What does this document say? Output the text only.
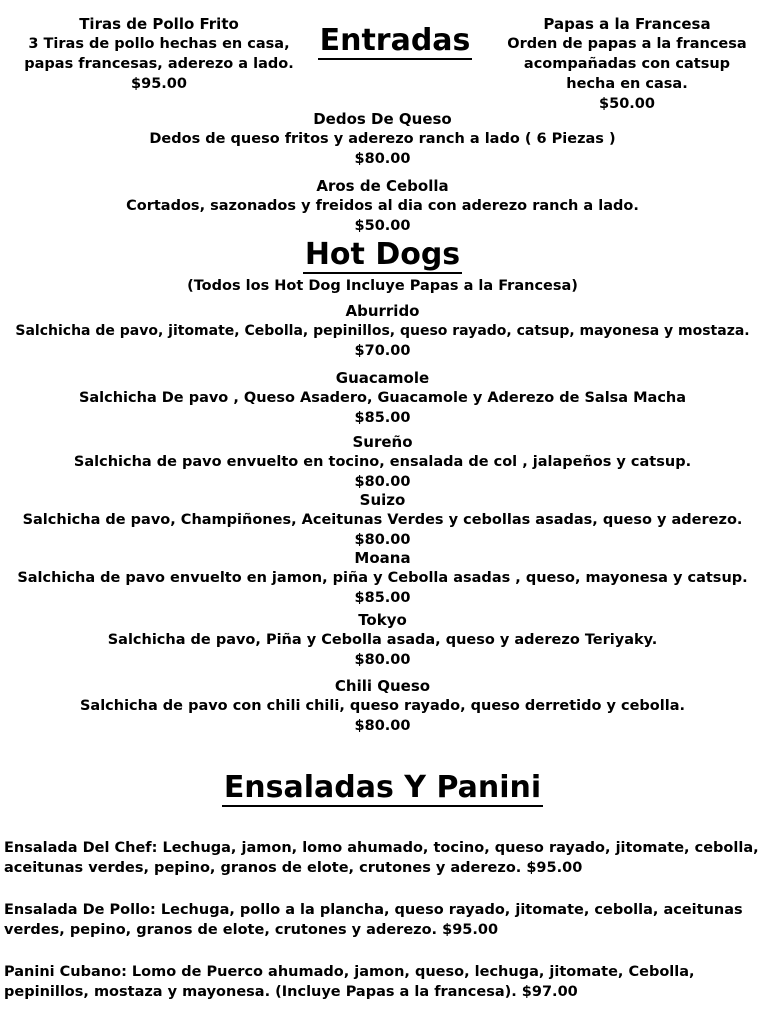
Tiras de Pollo Frito
3 Tiras de pollo hechas en casa,
papas francesas, aderezo a lado.
$95.00
Entradas	Papas a la Francesa
Orden de papas a la francesa
acompañadas con catsup
hecha en casa.
$50.00
Dedos De Queso
Dedos de queso fritos y aderezo ranch a lado ( 6 Piezas )
$80.00
Aros de Cebolla
Cortados, sazonados y freidos al dia con aderezo ranch a lado.
$50.00
Hot Dogs
(Todos los Hot Dog Incluye Papas a la Francesa)
Aburrido
Salchicha de pavo, jitomate, Cebolla, pepinillos, queso rayado, catsup, mayonesa y mostaza.
$70.00
Guacamole
Salchicha De pavo , Queso Asadero, Guacamole y Aderezo de Salsa Macha
$85.00
Sureño
Salchicha de pavo envuelto en tocino, ensalada de col , jalapeños y catsup.
$80.00
Suizo
Salchicha de pavo, Champiñones, Aceitunas Verdes y cebollas asadas, queso y aderezo.
$80.00
Moana
Salchicha de pavo envuelto en jamon, piña y Cebolla asadas , queso, mayonesa y catsup.
$85.00
Tokyo
Salchicha de pavo, Piña y Cebolla asada, queso y aderezo Teriyaky.
$80.00
Chili Queso
Salchicha de pavo con chili chili, queso rayado, queso derretido y cebolla.
$80.00
Ensaladas Y Panini
Ensalada Del Chef: Lechuga, jamon, lomo ahumado, tocino, queso rayado, jitomate, cebolla,
aceitunas verdes, pepino, granos de elote, crutones y aderezo. $95.00
Ensalada De Pollo: Lechuga, pollo a la plancha, queso rayado, jitomate, cebolla, aceitunas
verdes, pepino, granos de elote, crutones y aderezo. $95.00
Panini Cubano: Lomo de Puerco ahumado, jamon, queso, lechuga, jitomate, Cebolla,
pepinillos, mostaza y mayonesa. (Incluye Papas a la francesa). $97.00
